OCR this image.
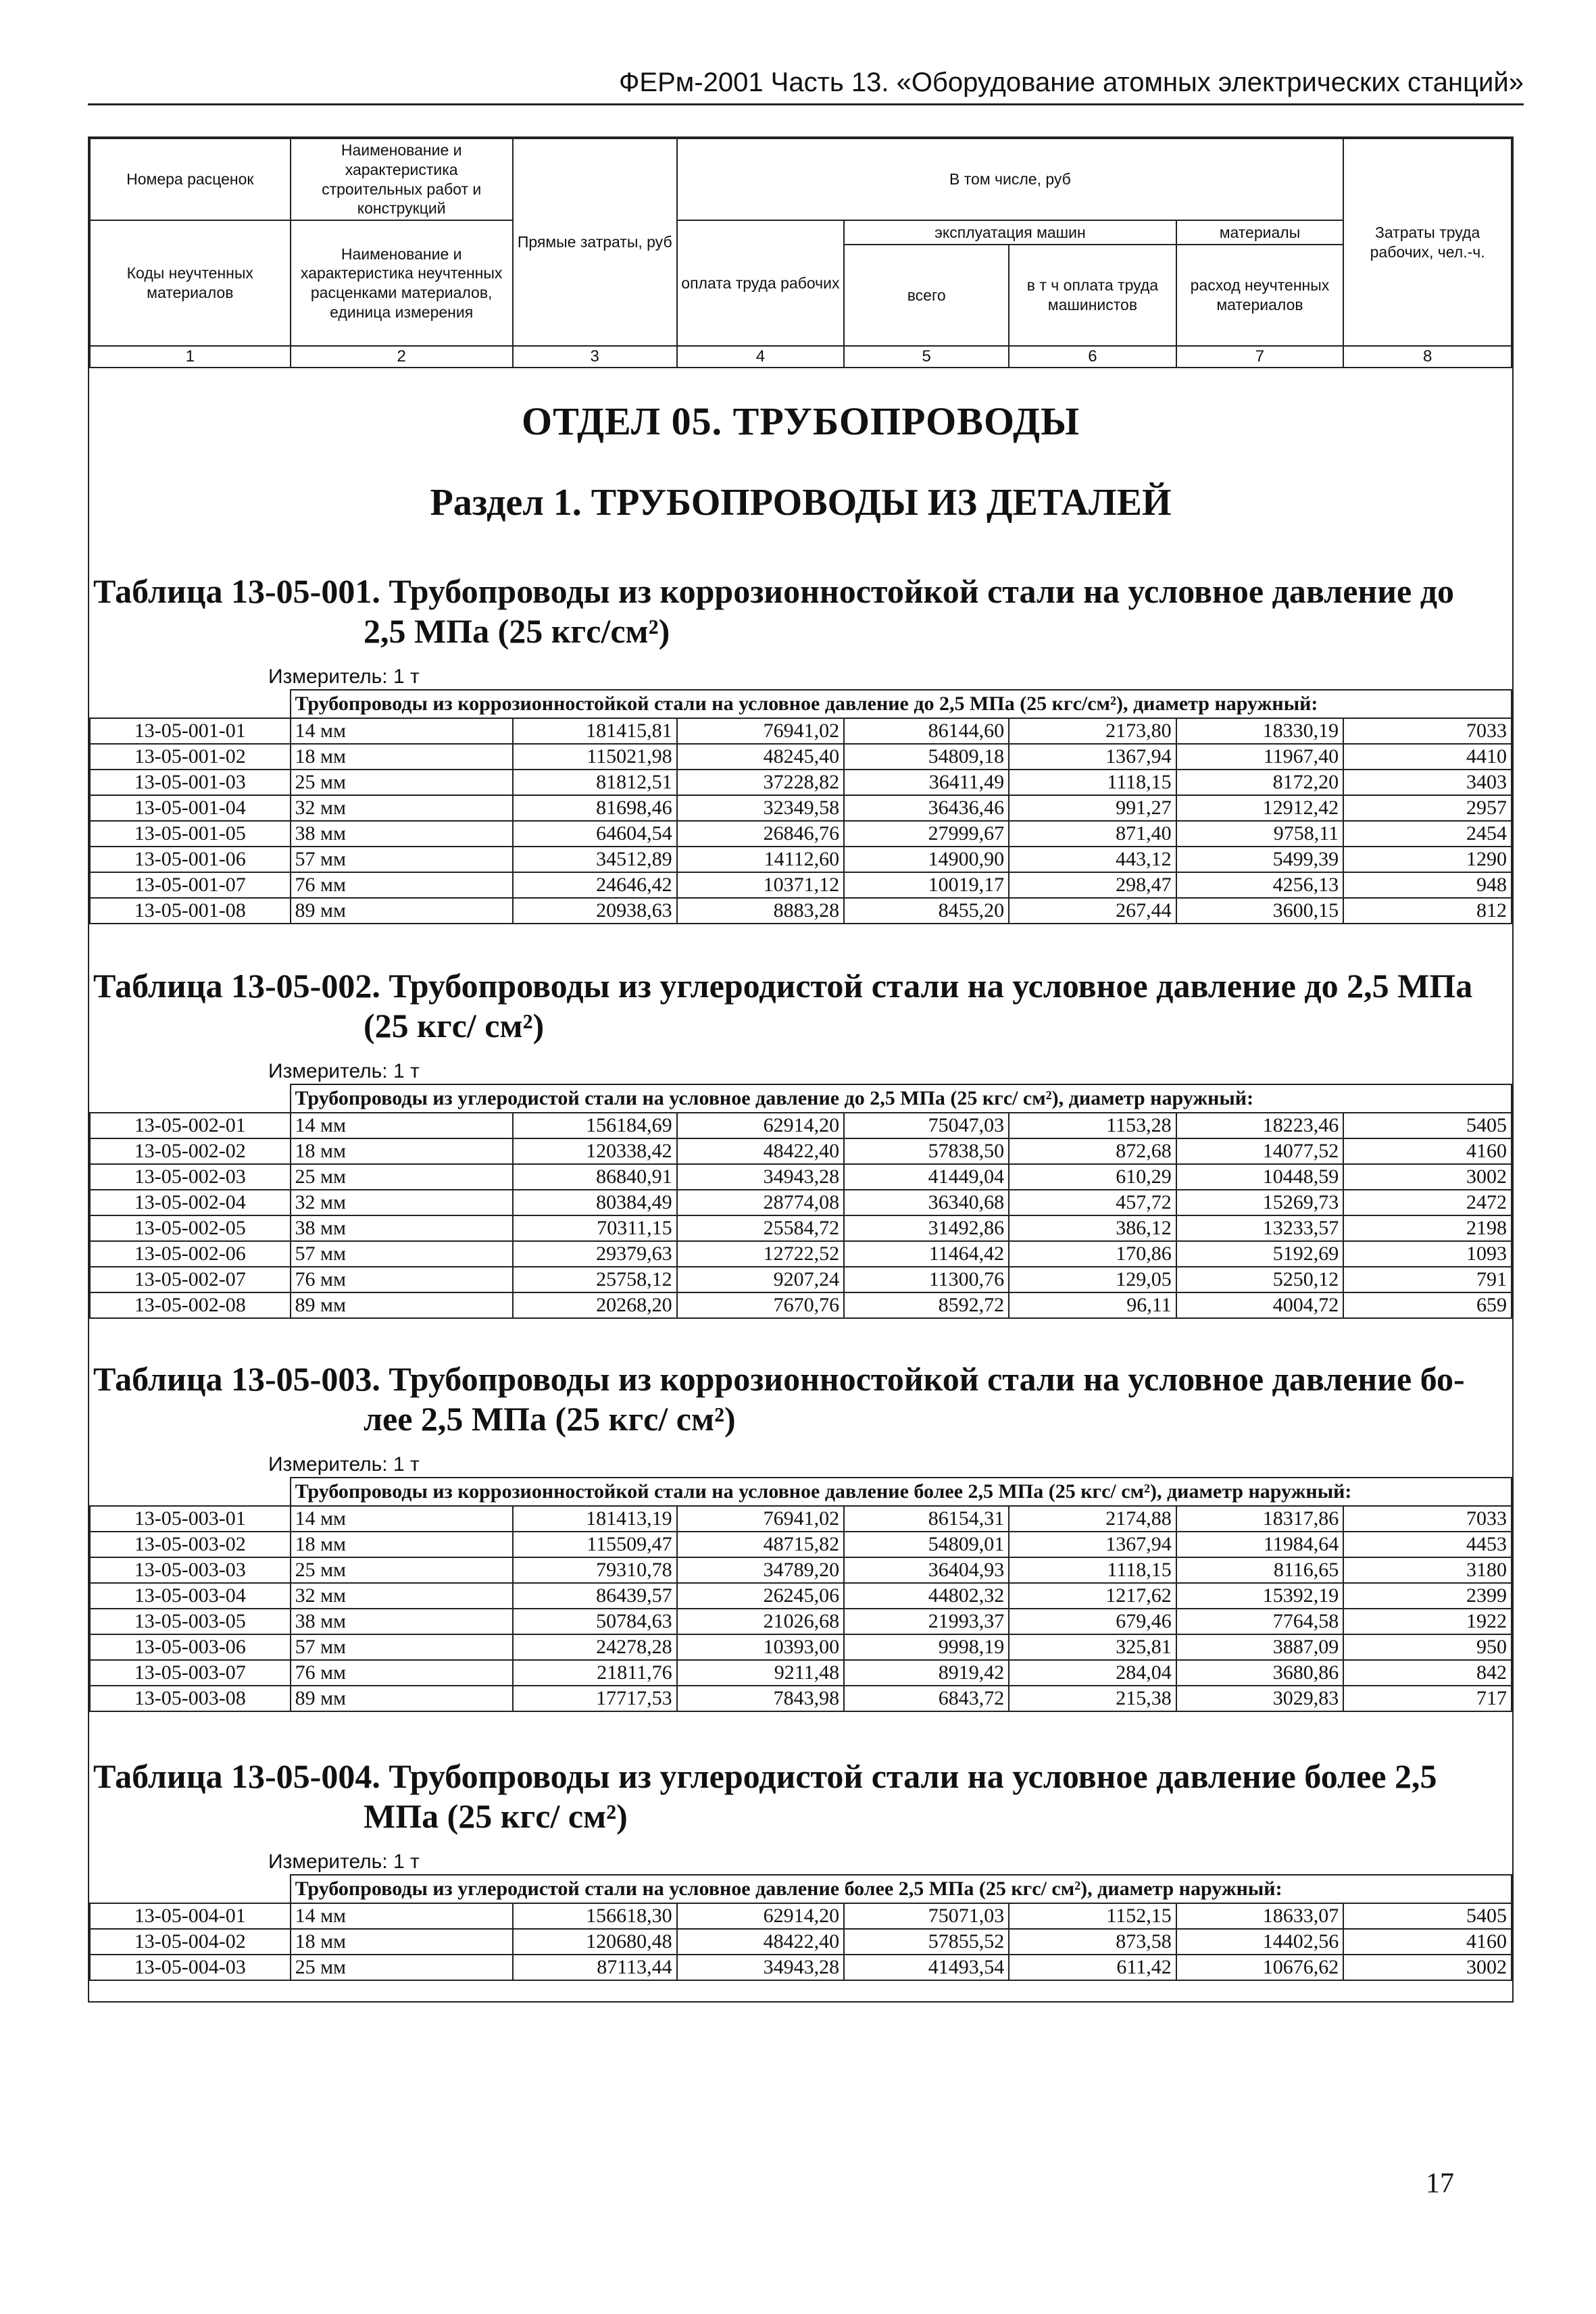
ФЕРм-2001 Часть 13. «Оборудование атомных электрических станций»
Номера расценок	Наименование и характеристика строительных работ и конструкций	Прямые затраты, руб	В том числе, руб				Затраты труда рабочих, чел.-ч.
Коды неучтенных материалов	Наименование и характеристика неучтенных расценками материалов, единица измерения		оплата труда рабочих	эксплуатация машин		материалы	
				всего	в т ч оплата труда машинистов	расход неучтенных материалов	
1	2	3	4	5	6	7	8
ОТДЕЛ 05. ТРУБОПРОВОДЫ
Раздел 1. ТРУБОПРОВОДЫ ИЗ ДЕТАЛЕЙ
Таблица 13-05-001. Трубопроводы из коррозионностойкой стали на условное давление до
2,5 МПа (25 кгс/см²)
Измеритель: 1 т
	Трубопроводы из коррозионностойкой стали на условное давление до 2,5 МПа (25 кгс/см²), диаметр наружный:						
13-05-001-01	14 мм	181415,81	76941,02	86144,60	2173,80	18330,19	7033
13-05-001-02	18 мм	115021,98	48245,40	54809,18	1367,94	11967,40	4410
13-05-001-03	25 мм	81812,51	37228,82	36411,49	1118,15	8172,20	3403
13-05-001-04	32 мм	81698,46	32349,58	36436,46	991,27	12912,42	2957
13-05-001-05	38 мм	64604,54	26846,76	27999,67	871,40	9758,11	2454
13-05-001-06	57 мм	34512,89	14112,60	14900,90	443,12	5499,39	1290
13-05-001-07	76 мм	24646,42	10371,12	10019,17	298,47	4256,13	948
13-05-001-08	89 мм	20938,63	8883,28	8455,20	267,44	3600,15	812
Таблица 13-05-002. Трубопроводы из углеродистой стали на условное давление до 2,5 МПа
(25 кгс/ см²)
Измеритель: 1 т
	Трубопроводы из углеродистой стали на условное давление до 2,5 МПа (25 кгс/ см²), диаметр наружный:						
13-05-002-01	14 мм	156184,69	62914,20	75047,03	1153,28	18223,46	5405
13-05-002-02	18 мм	120338,42	48422,40	57838,50	872,68	14077,52	4160
13-05-002-03	25 мм	86840,91	34943,28	41449,04	610,29	10448,59	3002
13-05-002-04	32 мм	80384,49	28774,08	36340,68	457,72	15269,73	2472
13-05-002-05	38 мм	70311,15	25584,72	31492,86	386,12	13233,57	2198
13-05-002-06	57 мм	29379,63	12722,52	11464,42	170,86	5192,69	1093
13-05-002-07	76 мм	25758,12	9207,24	11300,76	129,05	5250,12	791
13-05-002-08	89 мм	20268,20	7670,76	8592,72	96,11	4004,72	659
Таблица 13-05-003. Трубопроводы из коррозионностойкой стали на условное давление бо-
лее 2,5 МПа (25 кгс/ см²)
Измеритель: 1 т
	Трубопроводы из коррозионностойкой стали на условное давление более 2,5 МПа (25 кгс/ см²), диаметр наружный:						
13-05-003-01	14 мм	181413,19	76941,02	86154,31	2174,88	18317,86	7033
13-05-003-02	18 мм	115509,47	48715,82	54809,01	1367,94	11984,64	4453
13-05-003-03	25 мм	79310,78	34789,20	36404,93	1118,15	8116,65	3180
13-05-003-04	32 мм	86439,57	26245,06	44802,32	1217,62	15392,19	2399
13-05-003-05	38 мм	50784,63	21026,68	21993,37	679,46	7764,58	1922
13-05-003-06	57 мм	24278,28	10393,00	9998,19	325,81	3887,09	950
13-05-003-07	76 мм	21811,76	9211,48	8919,42	284,04	3680,86	842
13-05-003-08	89 мм	17717,53	7843,98	6843,72	215,38	3029,83	717
Таблица 13-05-004. Трубопроводы из углеродистой стали на условное давление более 2,5
МПа (25 кгс/ см²)
Измеритель: 1 т
	Трубопроводы из углеродистой стали на условное давление более 2,5 МПа (25 кгс/ см²), диаметр наружный:						
13-05-004-01	14 мм	156618,30	62914,20	75071,03	1152,15	18633,07	5405
13-05-004-02	18 мм	120680,48	48422,40	57855,52	873,58	14402,56	4160
13-05-004-03	25 мм	87113,44	34943,28	41493,54	611,42	10676,62	3002
17
